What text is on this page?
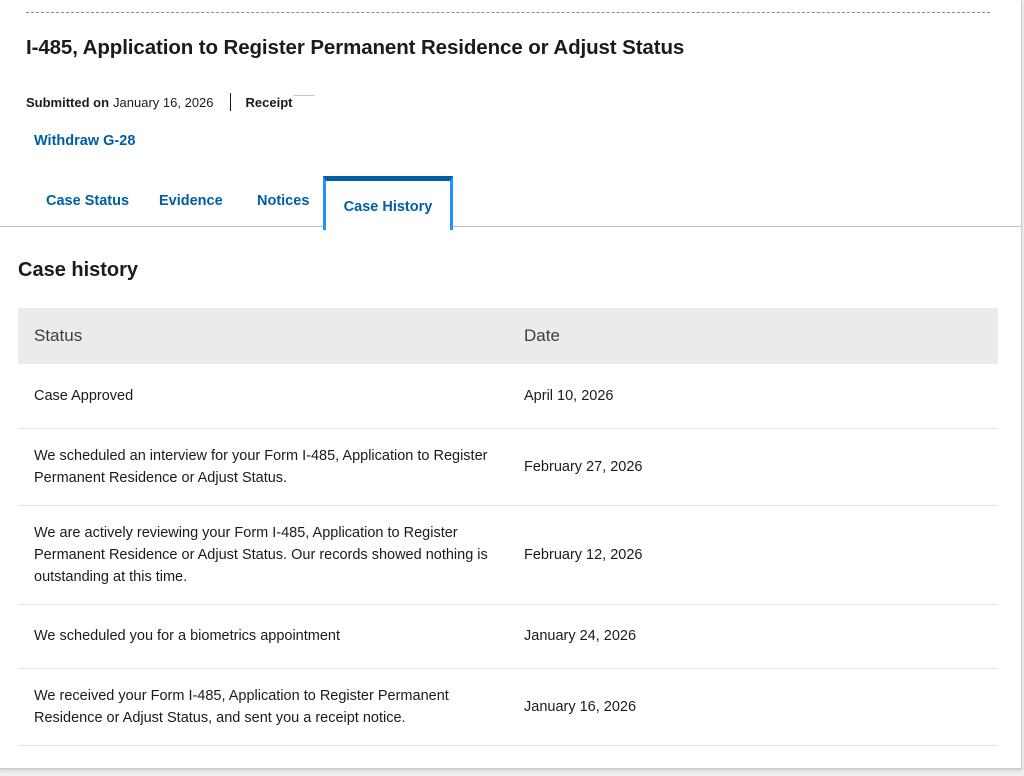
I-485, Application to Register Permanent Residence or Adjust Status
Submitted on January 16, 2026 Receipt
Withdraw G-28
Case Status Evidence Notices	Case History
Case history
Status	Date
Case Approved	April 10, 2026
We scheduled an interview for your Form I-485, Application to Register Permanent Residence or Adjust Status.	February 27, 2026
We are actively reviewing your Form I-485, Application to Register Permanent Residence or Adjust Status. Our records showed nothing is outstanding at this time.	February 12, 2026
We scheduled you for a biometrics appointment	January 24, 2026
We received your Form I-485, Application to Register Permanent Residence or Adjust Status, and sent you a receipt notice.	January 16, 2026
